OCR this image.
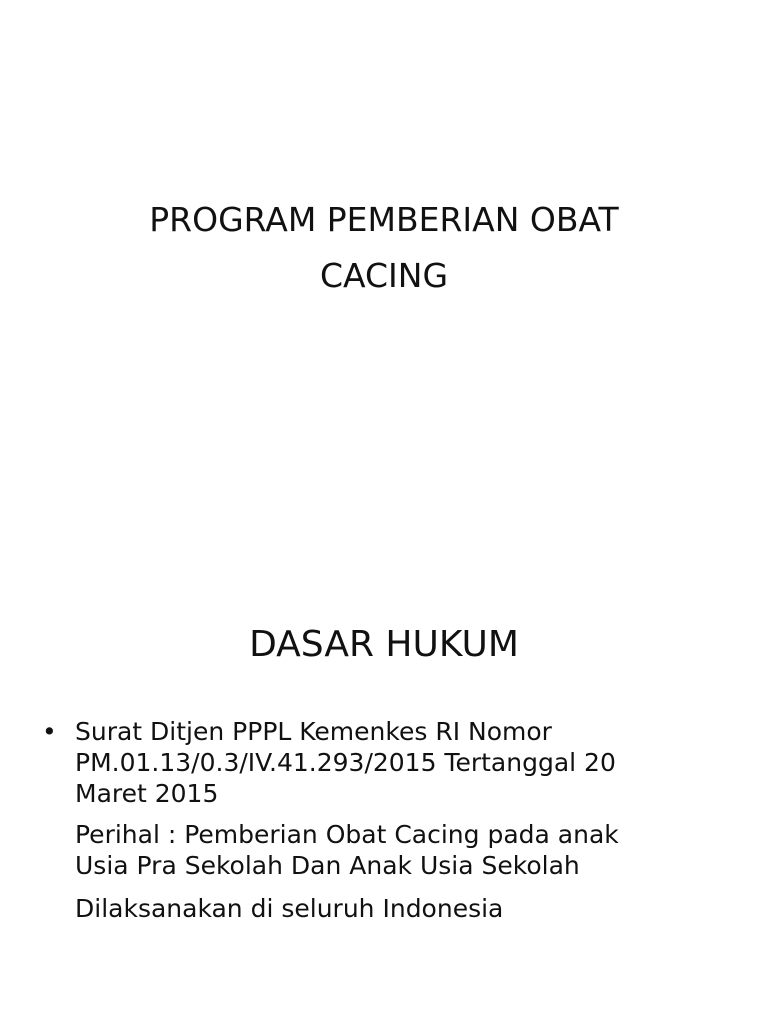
PROGRAM PEMBERIAN OBAT
CACING
DASAR HUKUM
• Surat Ditjen PPPL Kemenkes RI Nomor
PM.01.13/0.3/IV.41.293/2015 Tertanggal 20
Maret 2015
Perihal : Pemberian Obat Cacing pada anak
Usia Pra Sekolah Dan Anak Usia Sekolah
Dilaksanakan di seluruh Indonesia
